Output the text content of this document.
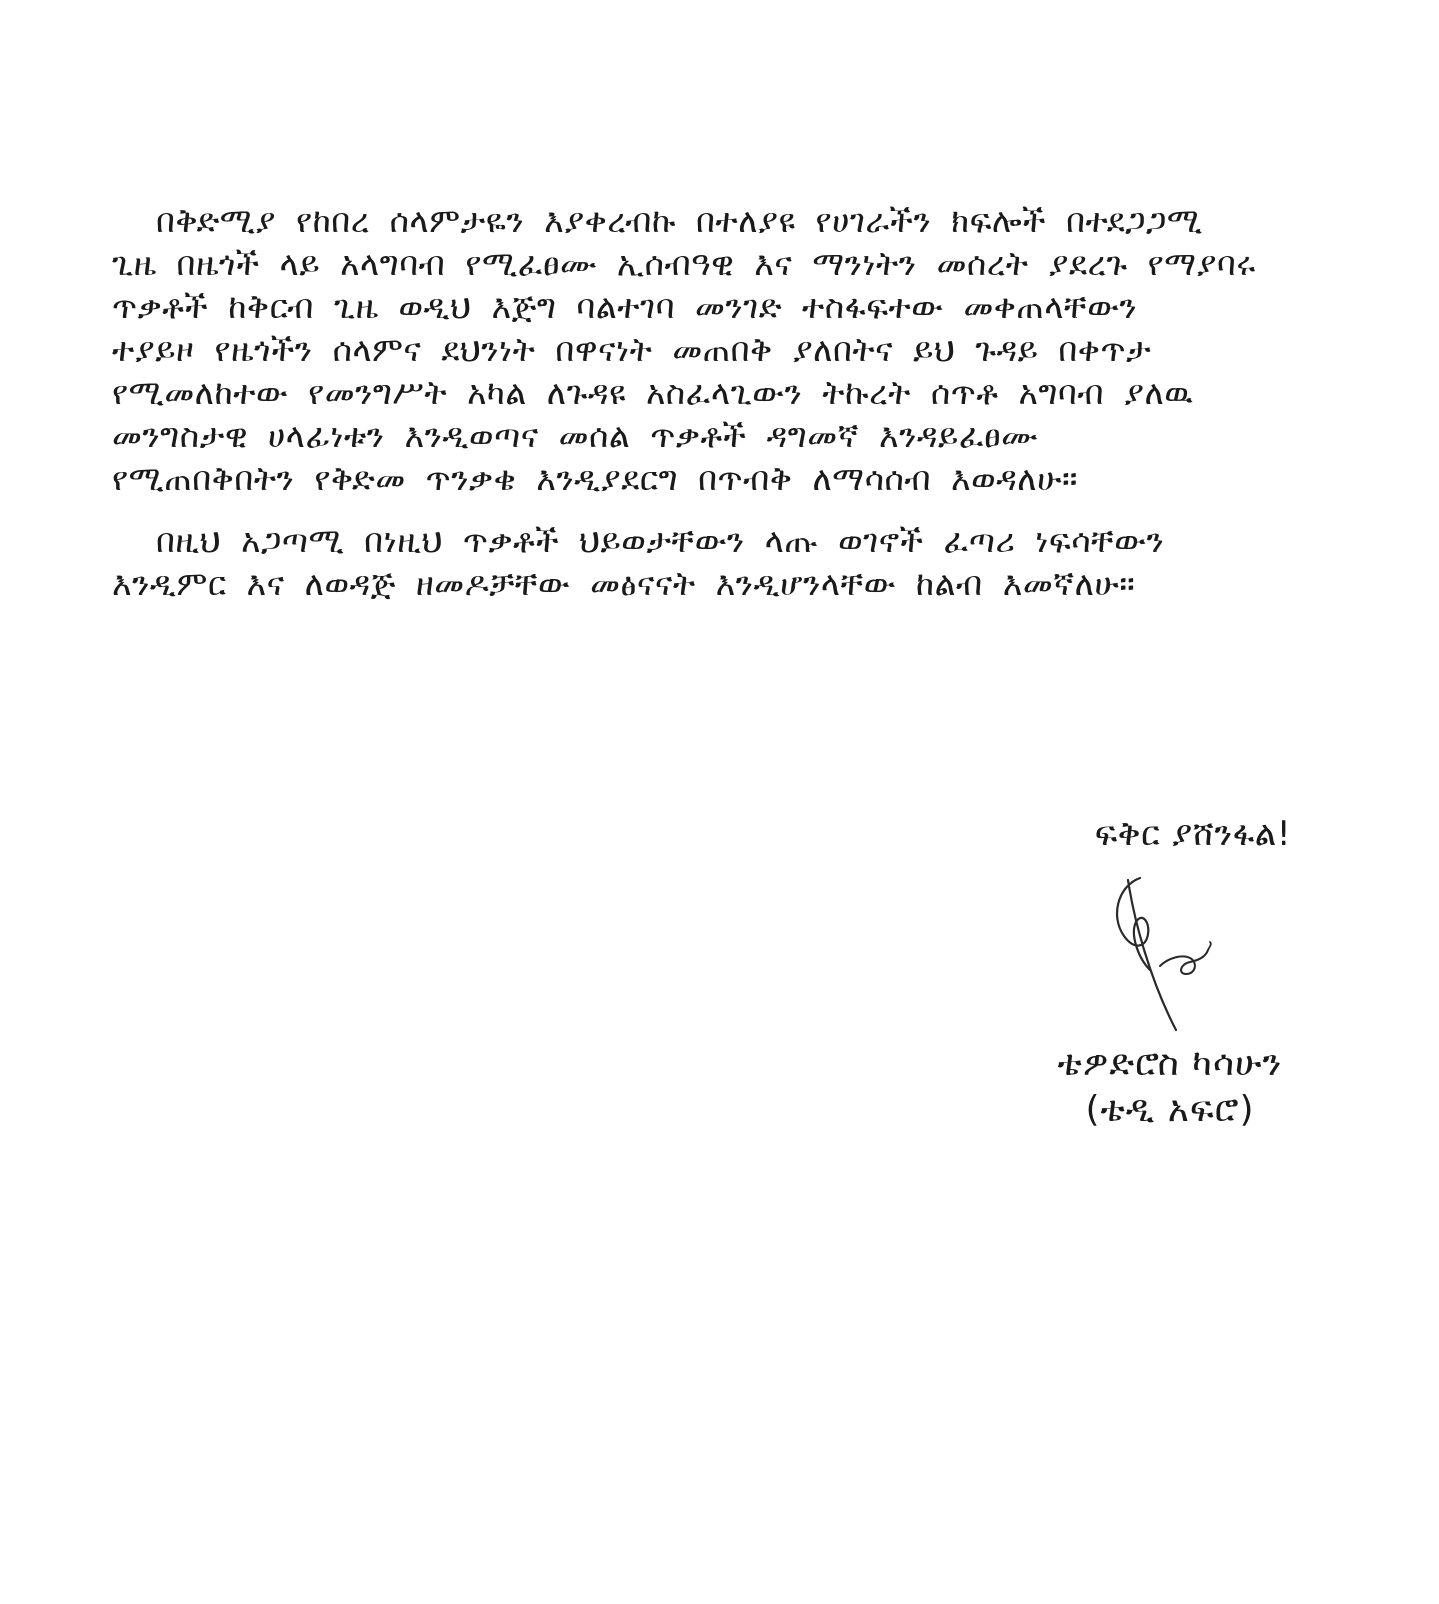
በቅድሚያ የከበረ ሰላምታዬን እያቀረብኩ በተለያዩ የሀገራችን ክፍሎች በተደጋጋሚ
ጊዜ በዜጎች ላይ አላግባብ የሚፈፀሙ ኢሰብዓዊ እና ማንነትን መሰረት ያደረጉ የማያባሩ
ጥቃቶች ከቅርብ ጊዜ ወዲህ እጅግ ባልተገባ መንገድ ተስፋፍተው መቀጠላቸውን
ተያይዞ የዜጎችን ሰላምና ደህንነት በዋናነት መጠበቅ ያለበትና ይህ ጉዳይ በቀጥታ
የሚመለከተው የመንግሥት አካል ለጉዳዩ አስፈላጊውን ትኩረት ሰጥቶ አግባብ ያለዉ
መንግስታዊ ሀላፊነቱን እንዲወጣና መሰል ጥቃቶች ዳግመኛ እንዳይፈፀሙ
የሚጠበቅበትን የቅድመ ጥንቃቄ እንዲያደርግ በጥብቅ ለማሳሰብ እወዳለሁ።
በዚህ አጋጣሚ በነዚህ ጥቃቶች ህይወታቸውን ላጡ ወገኖች ፈጣሪ ነፍሳቸውን
እንዲምር እና ለወዳጅ ዘመዶቻቸው መፅናናት እንዲሆንላቸው ከልብ እመኛለሁ።
ፍቅር ያሸንፋል!
ቴዎድሮስ ካሳሁን
(ቴዲ አፍሮ)
